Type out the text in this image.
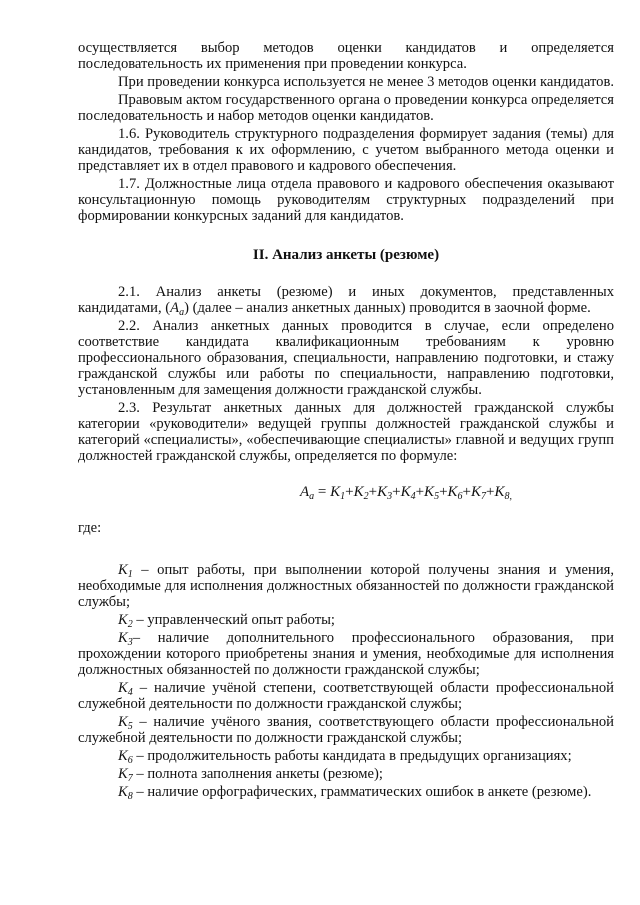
осуществляется выбор методов оценки кандидатов и определяется

последовательность их применения при проведении конкурса.

При проведении конкурса используется не менее 3 методов оценки кандидатов.

Правовым актом государственного органа о проведении конкурса определяется последовательность и набор методов оценки кандидатов.

1.6. Руководитель структурного подразделения формирует задания (темы) для кандидатов, требования к их оформлению, с учетом выбранного метода оценки и представляет их в отдел правового и кадрового обеспечения.

1.7. Должностные лица отдела правового и кадрового обеспечения оказывают консультационную помощь руководителям структурных подразделений при формировании конкурсных заданий для кандидатов.

II. Анализ анкеты (резюме)

2.1. Анализ анкеты (резюме) и иных документов, представленных кандидатами, $(A_a)$ (далее – анализ анкетных данных) проводится в заочной форме.

2.2. Анализ анкетных данных проводится в случае, если определено соответствие кандидата квалификационным требованиям к уровню профессионального образования, специальности, направлению подготовки, и стажу гражданской службы или работы по специальности, направлению подготовки, установленным для замещения должности гражданской службы.

2.3. Результат анкетных данных для должностей гражданской службы категории «руководители» ведущей группы должностей гражданской службы и категорий «специалисты», «обеспечивающие специалисты» главной и ведущих групп должностей гражданской службы, определяется по формуле:

$A_a = K_1+K_2+K_3+K_4+K_5+K_6+K_7+K_{8,}$

где:

$K_1$ – опыт работы, при выполнении которой получены знания и умения, необходимые для исполнения должностных обязанностей по должности гражданской службы;

$K_2$ – управленческий опыт работы;

$K_3-$ наличие дополнительного профессионального образования, при прохождении которого приобретены знания и умения, необходимые для исполнения должностных обязанностей по должности гражданской службы;

$K_4$ – наличие учёной степени, соответствующей области профессиональной служебной деятельности по должности гражданской службы;

$K_5$ – наличие учёного звания, соответствующего области профессиональной служебной деятельности по должности гражданской службы;

$K_6$ – продолжительность работы кандидата в предыдущих организациях;

$K_7$ – полнота заполнения анкеты (резюме);

$K_8$ – наличие орфографических, грамматических ошибок в анкете (резюме).
